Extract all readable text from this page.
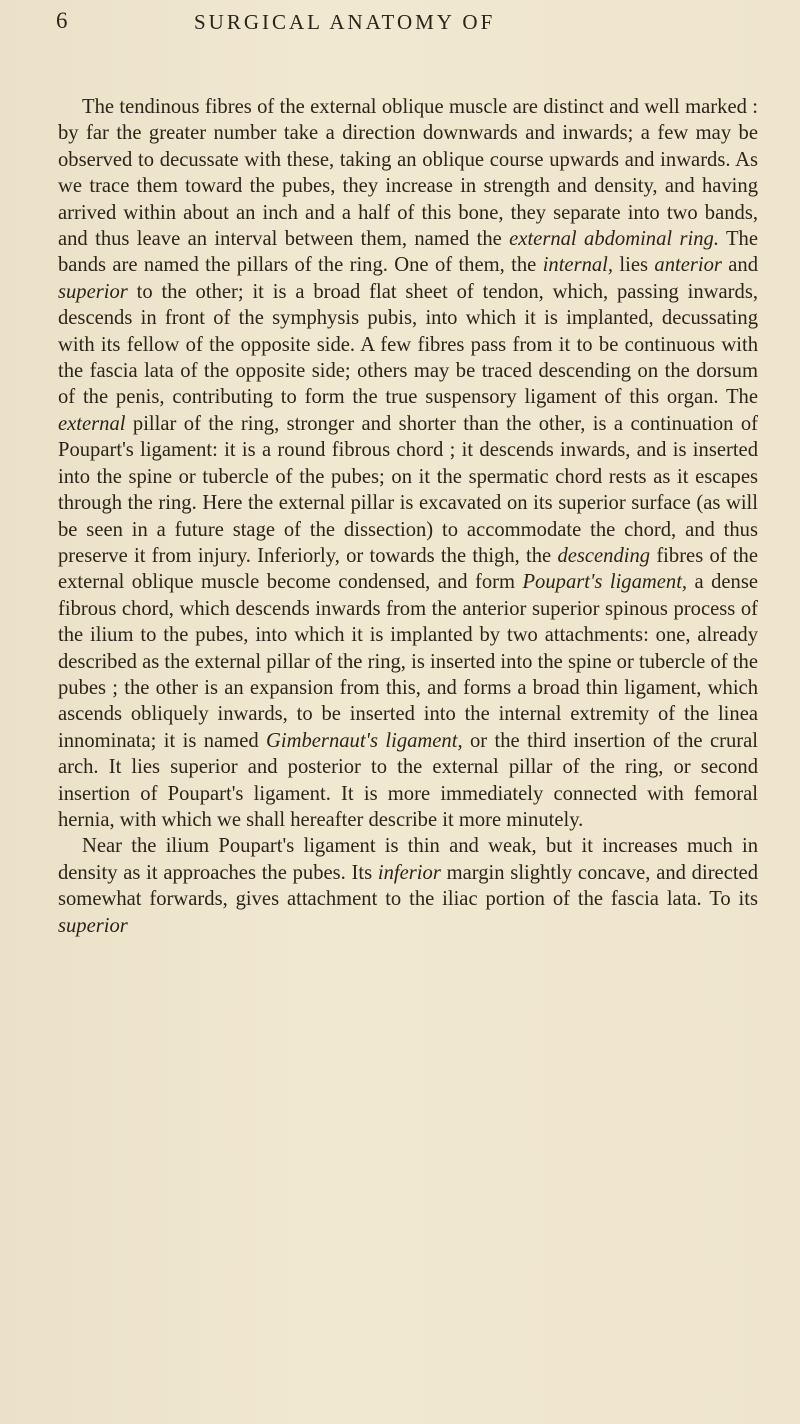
6	SURGICAL ANATOMY OF

The tendinous fibres of the external oblique muscle are distinct and well marked : by far the greater number take a direction downwards and inwards; a few may be observed to decussate with these, taking an oblique course upwards and inwards. As we trace them toward the pubes, they increase in strength and density, and having arrived within about an inch and a half of this bone, they separate into two bands, and thus leave an interval between them, named the external abdominal ring. The bands are named the pillars of the ring. One of them, the internal, lies anterior and superior to the other; it is a broad flat sheet of tendon, which, passing inwards, descends in front of the symphysis pubis, into which it is implanted, decussating with its fellow of the opposite side. A few fibres pass from it to be continuous with the fascia lata of the opposite side; others may be traced descending on the dorsum of the penis, contributing to form the true suspensory ligament of this organ. The external pillar of the ring, stronger and shorter than the other, is a continuation of Poupart's ligament: it is a round fibrous chord ; it descends inwards, and is inserted into the spine or tubercle of the pubes; on it the spermatic chord rests as it escapes through the ring. Here the external pillar is excavated on its superior surface (as will be seen in a future stage of the dissection) to accommodate the chord, and thus preserve it from injury. Inferiorly, or towards the thigh, the descending fibres of the external oblique muscle become condensed, and form Poupart's ligament, a dense fibrous chord, which descends inwards from the anterior superior spinous process of the ilium to the pubes, into which it is implanted by two attachments: one, already described as the external pillar of the ring, is inserted into the spine or tubercle of the pubes ; the other is an expansion from this, and forms a broad thin ligament, which ascends obliquely inwards, to be inserted into the internal extremity of the linea innominata; it is named Gimbernaut's ligament, or the third insertion of the crural arch. It lies superior and posterior to the external pillar of the ring, or second insertion of Poupart's ligament. It is more immediately connected with femoral hernia, with which we shall hereafter describe it more minutely.

Near the ilium Poupart's ligament is thin and weak, but it increases much in density as it approaches the pubes. Its inferior margin slightly concave, and directed somewhat forwards, gives attachment to the iliac portion of the fascia lata. To its superior
